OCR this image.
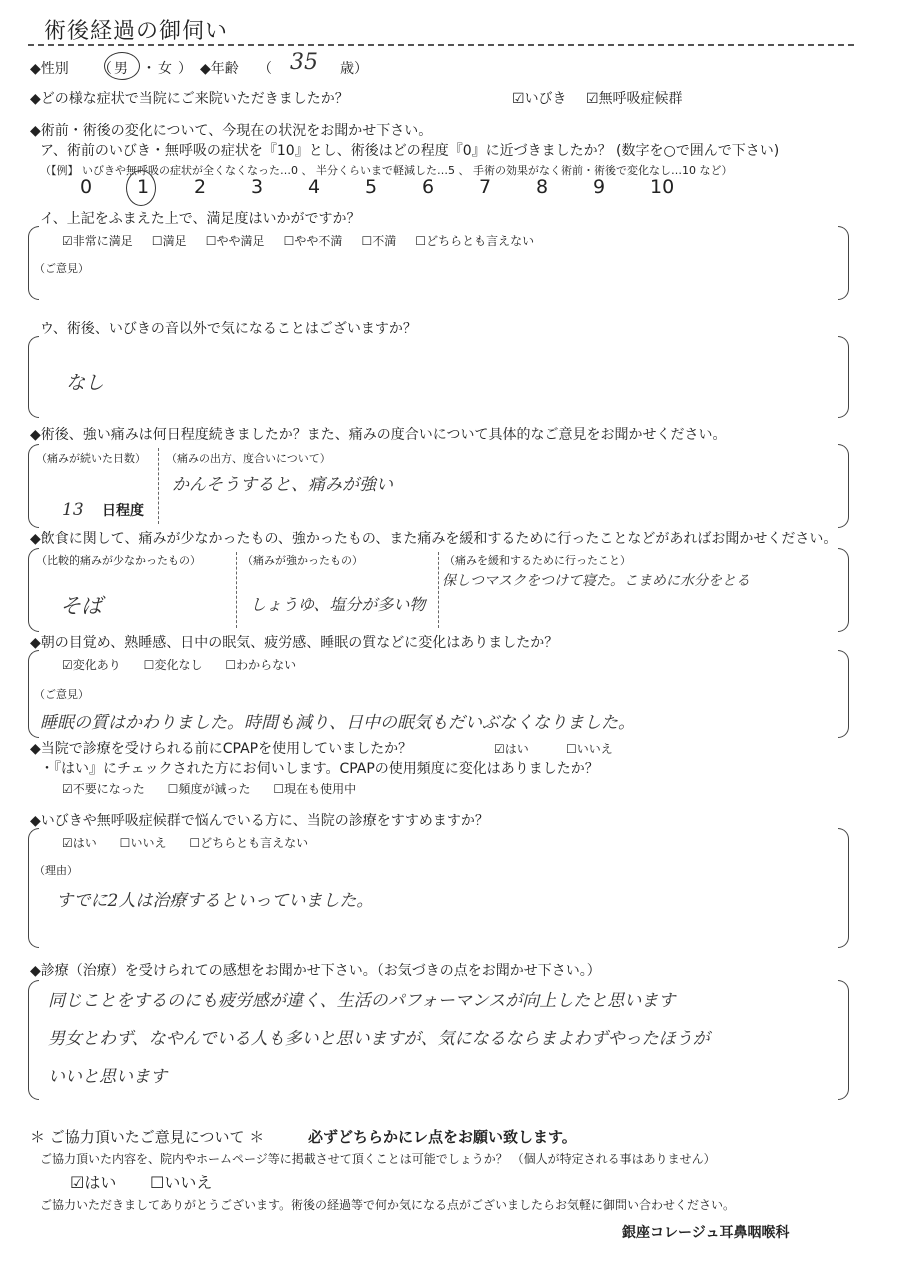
術後経過の御伺い
◆性別 （ 男 ・ 女 ） ◆年齢 （ 35 歳）
◆どの様な症状で当院にご来院いただきましたか？	☑いびき ☑無呼吸症候群
◆術前・術後の変化について、今現在の状況をお聞かせ下さい。
ア、術前のいびき・無呼吸の症状を『10』とし、術後はどの程度『0』に近づきましたか？ (数字を○で囲んで下さい)
（【例】 いびきや無呼吸の症状が全くなくなった…0 、 半分くらいまで軽減した…5 、 手術の効果がなく術前・術後で変化なし…10 など）
0 1 2 3 4 5 6 7 8 9 10
イ、上記をふまえた上で、満足度はいかがですか？
☑非常に満足 ☐満足 ☐やや満足 ☐やや不満 ☐不満 ☐どちらとも言えない
（ご意見）
ウ、術後、いびきの音以外で気になることはございますか？
なし
◆術後、強い痛みは何日程度続きましたか？また、痛みの度合いについて具体的なご意見をお聞かせください。
（痛みが続いた日数）
13 日程度
（痛みの出方、度合いについて）
かんそうすると、痛みが強い
◆飲食に関して、痛みが少なかったもの、強かったもの、また痛みを緩和するために行ったことなどがあればお聞かせください。
（比較的痛みが少なかったもの）
そば
（痛みが強かったもの）
しょうゆ、塩分が多い物
（痛みを緩和するために行ったこと）
保しつマスクをつけて寝た。こまめに水分をとる
◆朝の目覚め、熟睡感、日中の眠気、疲労感、睡眠の質などに変化はありましたか？
☑変化あり ☐変化なし ☐わからない
（ご意見）
睡眠の質はかわりました。時間も減り、日中の眠気もだいぶなくなりました。
◆当院で診療を受けられる前にCPAPを使用していましたか？	☑はい	☐いいえ
・『はい』にチェックされた方にお伺いします。CPAPの使用頻度に変化はありましたか？
☑不要になった ☐頻度が減った ☐現在も使用中
◆いびきや無呼吸症候群で悩んでいる方に、当院の診療をすすめますか？
☑はい ☐いいえ ☐どちらとも言えない
（理由）
すでに2人は治療するといっていました。
◆診療（治療）を受けられての感想をお聞かせ下さい。（お気づきの点をお聞かせ下さい。）
同じことをするのにも疲労感が違く、生活のパフォーマンスが向上したと思います
男女とわず、なやんでいる人も多いと思いますが、気になるならまよわずやったほうが
いいと思います
＊ ご協力頂いたご意見について ＊	必ずどちらかにレ点をお願い致します。
ご協力頂いた内容を、院内やホームページ等に掲載させて頂くことは可能でしょうか？ （個人が特定される事はありません）
☑はい ☐いいえ
ご協力いただきましてありがとうございます。術後の経過等で何か気になる点がございましたらお気軽に御問い合わせください。
銀座コレージュ耳鼻咽喉科
